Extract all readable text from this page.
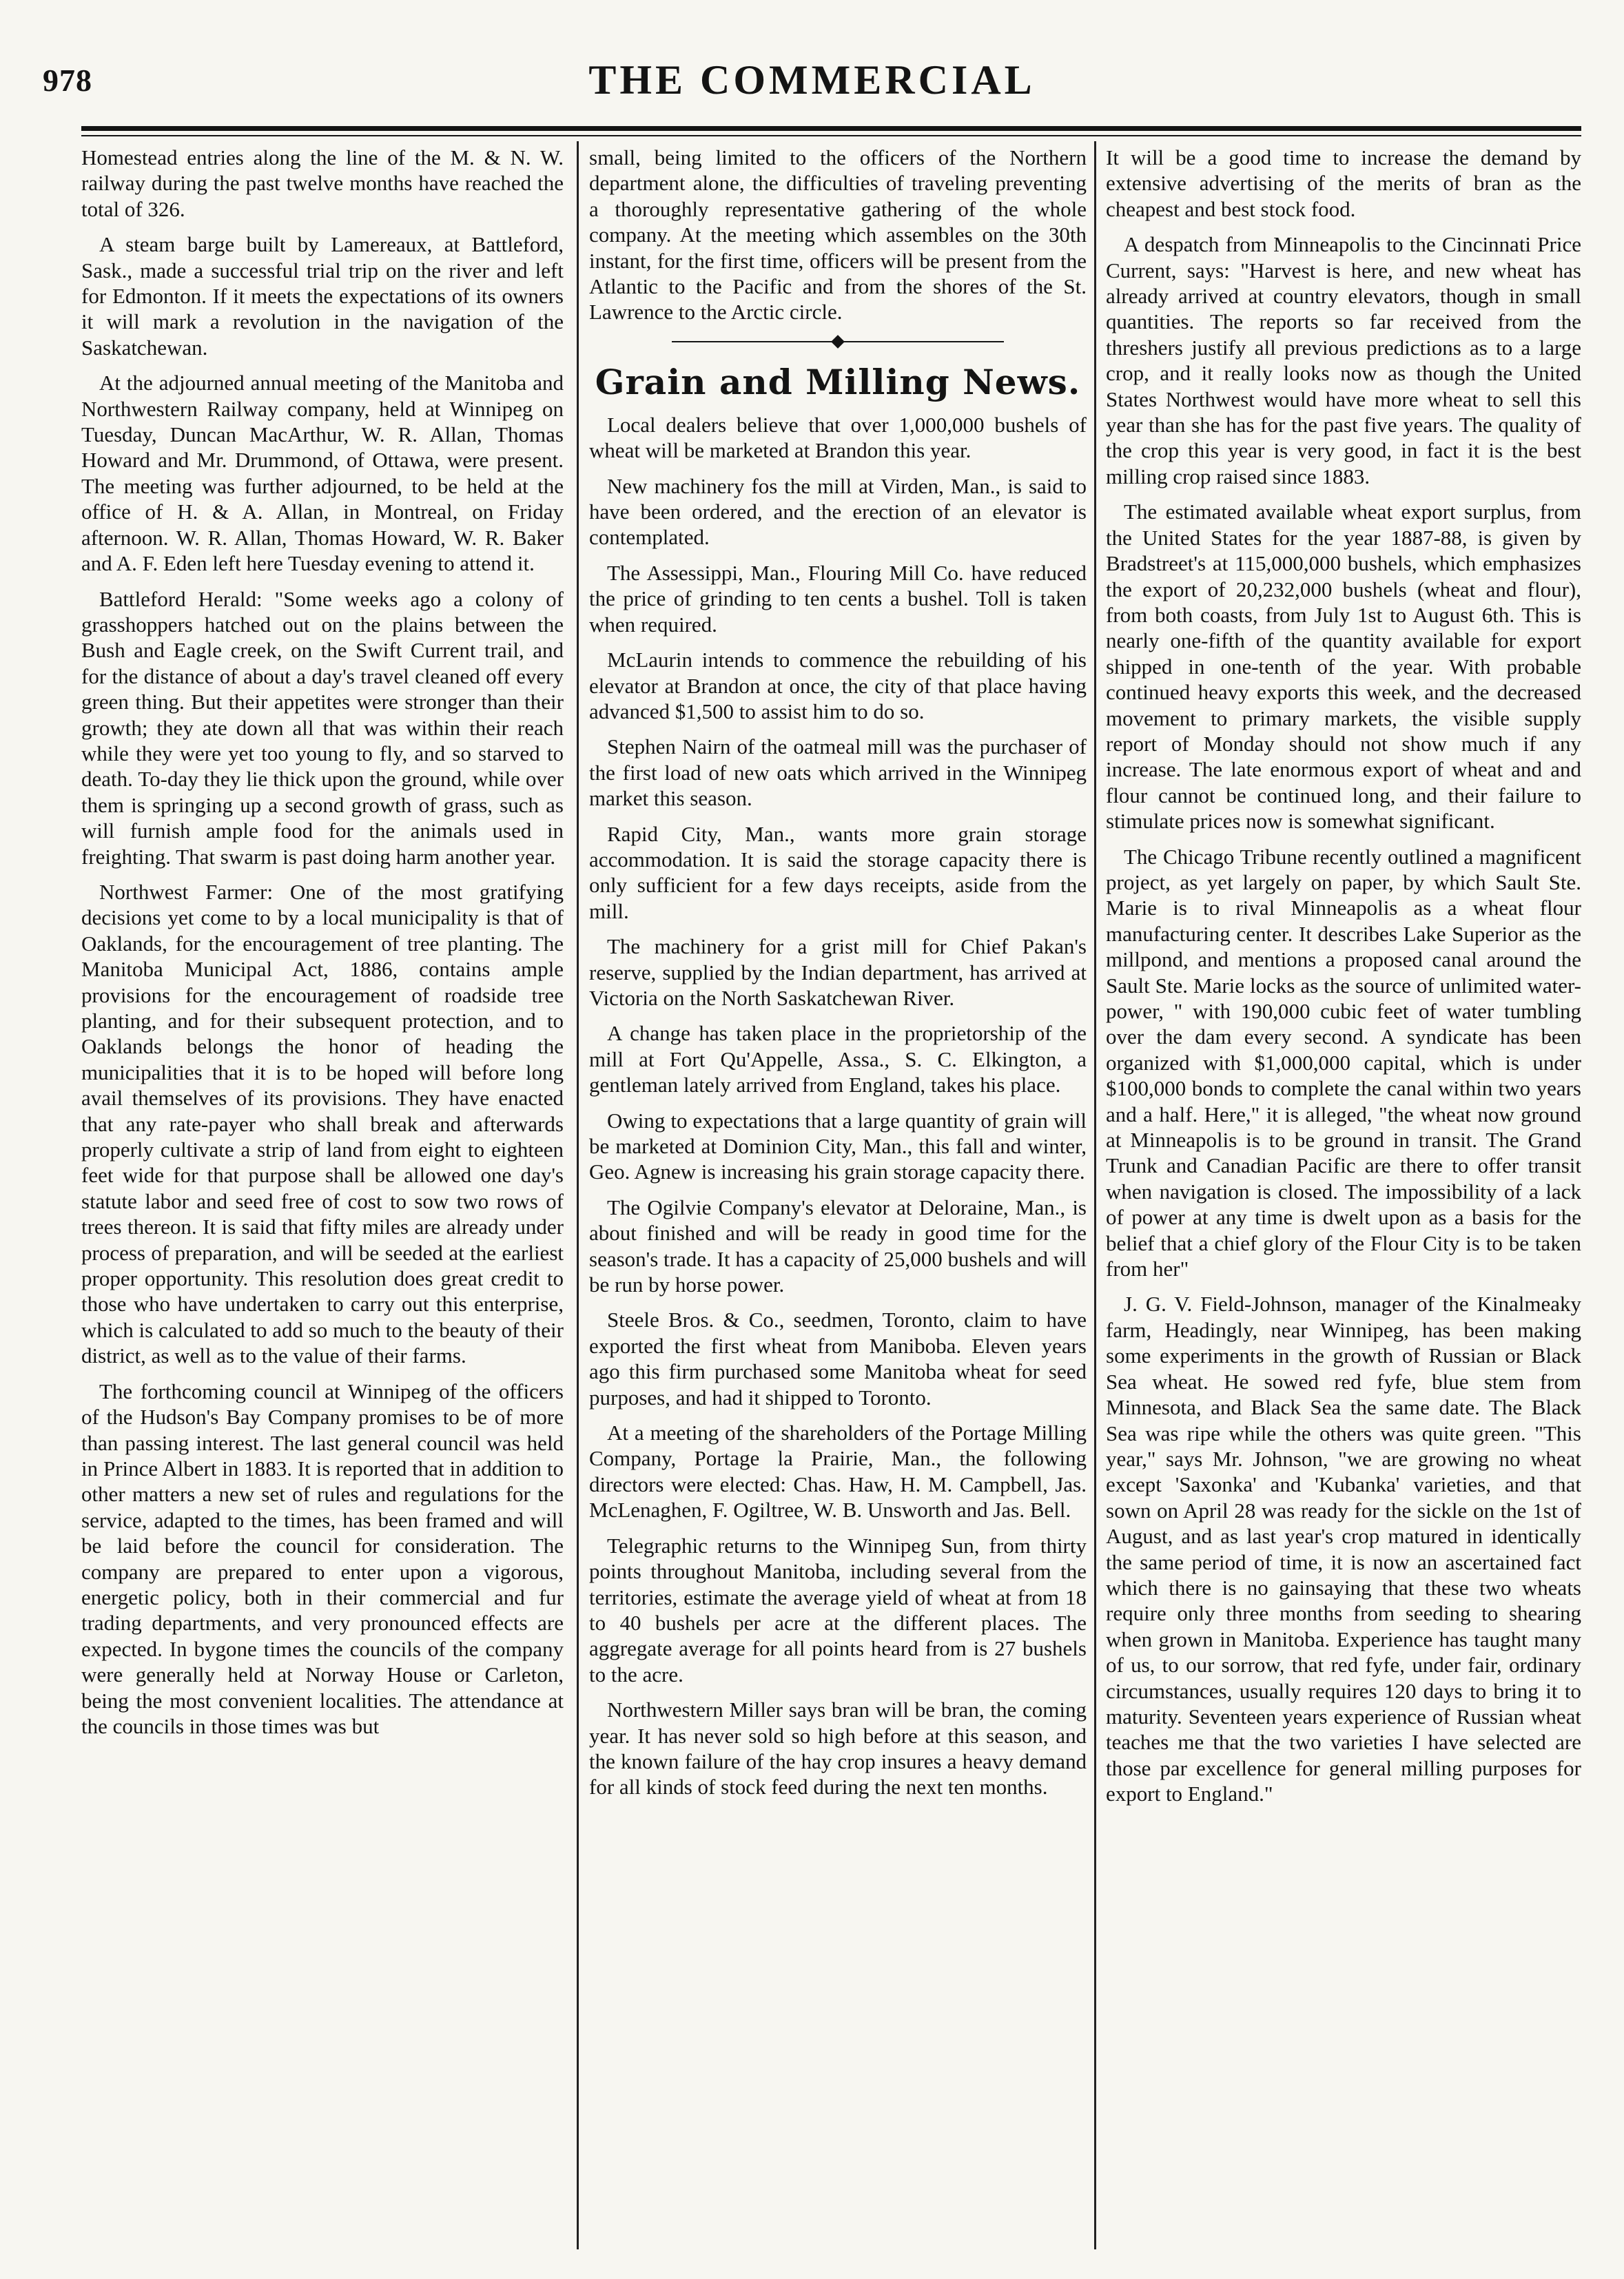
978	THE COMMERCIAL

Homestead entries along the line of the M. & N. W. railway during the past twelve months have reached the total of 326.

A steam barge built by Lamereaux, at Battleford, Sask., made a successful trial trip on the river and left for Edmonton. If it meets the expectations of its owners it will mark a revolution in the navigation of the Saskatchewan.

At the adjourned annual meeting of the Manitoba and Northwestern Railway company, held at Winnipeg on Tuesday, Duncan MacArthur, W. R. Allan, Thomas Howard and Mr. Drummond, of Ottawa, were present. The meeting was further adjourned, to be held at the office of H. & A. Allan, in Montreal, on Friday afternoon. W. R. Allan, Thomas Howard, W. R. Baker and A. F. Eden left here Tuesday evening to attend it.

Battleford Herald: "Some weeks ago a colony of grasshoppers hatched out on the plains between the Bush and Eagle creek, on the Swift Current trail, and for the distance of about a day's travel cleaned off every green thing. But their appetites were stronger than their growth; they ate down all that was within their reach while they were yet too young to fly, and so starved to death. To-day they lie thick upon the ground, while over them is springing up a second growth of grass, such as will furnish ample food for the animals used in freighting. That swarm is past doing harm another year.

Northwest Farmer: One of the most gratifying decisions yet come to by a local municipality is that of Oaklands, for the encouragement of tree planting. The Manitoba Municipal Act, 1886, contains ample provisions for the encouragement of roadside tree planting, and for their subsequent protection, and to Oaklands belongs the honor of heading the municipalities that it is to be hoped will before long avail themselves of its provisions. They have enacted that any rate-payer who shall break and afterwards properly cultivate a strip of land from eight to eighteen feet wide for that purpose shall be allowed one day's statute labor and seed free of cost to sow two rows of trees thereon. It is said that fifty miles are already under process of preparation, and will be seeded at the earliest proper opportunity. This resolution does great credit to those who have undertaken to carry out this enterprise, which is calculated to add so much to the beauty of their district, as well as to the value of their farms.

The forthcoming council at Winnipeg of the officers of the Hudson's Bay Company promises to be of more than passing interest. The last general council was held in Prince Albert in 1883. It is reported that in addition to other matters a new set of rules and regulations for the service, adapted to the times, has been framed and will be laid before the council for consideration. The company are prepared to enter upon a vigorous, energetic policy, both in their commercial and fur trading departments, and very pronounced effects are expected. In bygone times the councils of the company were generally held at Norway House or Carleton, being the most convenient localities. The attendance at the councils in those times was but

small, being limited to the officers of the Northern department alone, the difficulties of traveling preventing a thoroughly representative gathering of the whole company. At the meeting which assembles on the 30th instant, for the first time, officers will be present from the Atlantic to the Pacific and from the shores of the St. Lawrence to the Arctic circle.

Grain and Milling News.

Local dealers believe that over 1,000,000 bushels of wheat will be marketed at Brandon this year.

New machinery fos the mill at Virden, Man., is said to have been ordered, and the erection of an elevator is contemplated.

The Assessippi, Man., Flouring Mill Co. have reduced the price of grinding to ten cents a bushel. Toll is taken when required.

McLaurin intends to commence the rebuilding of his elevator at Brandon at once, the city of that place having advanced $1,500 to assist him to do so.

Stephen Nairn of the oatmeal mill was the purchaser of the first load of new oats which arrived in the Winnipeg market this season.

Rapid City, Man., wants more grain storage accommodation. It is said the storage capacity there is only sufficient for a few days receipts, aside from the mill.

The machinery for a grist mill for Chief Pakan's reserve, supplied by the Indian department, has arrived at Victoria on the North Saskatchewan River.

A change has taken place in the proprietorship of the mill at Fort Qu'Appelle, Assa., S. C. Elkington, a gentleman lately arrived from England, takes his place.

Owing to expectations that a large quantity of grain will be marketed at Dominion City, Man., this fall and winter, Geo. Agnew is increasing his grain storage capacity there.

The Ogilvie Company's elevator at Deloraine, Man., is about finished and will be ready in good time for the season's trade. It has a capacity of 25,000 bushels and will be run by horse power.

Steele Bros. & Co., seedmen, Toronto, claim to have exported the first wheat from Maniboba. Eleven years ago this firm purchased some Manitoba wheat for seed purposes, and had it shipped to Toronto.

At a meeting of the shareholders of the Portage Milling Company, Portage la Prairie, Man., the following directors were elected: Chas. Haw, H. M. Campbell, Jas. McLenaghen, F. Ogiltree, W. B. Unsworth and Jas. Bell.

Telegraphic returns to the Winnipeg Sun, from thirty points throughout Manitoba, including several from the territories, estimate the average yield of wheat at from 18 to 40 bushels per acre at the different places. The aggregate average for all points heard from is 27 bushels to the acre.

Northwestern Miller says bran will be bran, the coming year. It has never sold so high before at this season, and the known failure of the hay crop insures a heavy demand for all kinds of stock feed during the next ten months.

It will be a good time to increase the demand by extensive advertising of the merits of bran as the cheapest and best stock food.

A despatch from Minneapolis to the Cincinnati Price Current, says: "Harvest is here, and new wheat has already arrived at country elevators, though in small quantities. The reports so far received from the threshers justify all previous predictions as to a large crop, and it really looks now as though the United States Northwest would have more wheat to sell this year than she has for the past five years. The quality of the crop this year is very good, in fact it is the best milling crop raised since 1883.

The estimated available wheat export surplus, from the United States for the year 1887-88, is given by Bradstreet's at 115,000,000 bushels, which emphasizes the export of 20,232,000 bushels (wheat and flour), from both coasts, from July 1st to August 6th. This is nearly one-fifth of the quantity available for export shipped in one-tenth of the year. With probable continued heavy exports this week, and the decreased movement to primary markets, the visible supply report of Monday should not show much if any increase. The late enormous export of wheat and and flour cannot be continued long, and their failure to stimulate prices now is somewhat significant.

The Chicago Tribune recently outlined a magnificent project, as yet largely on paper, by which Sault Ste. Marie is to rival Minneapolis as a wheat flour manufacturing center. It describes Lake Superior as the millpond, and mentions a proposed canal around the Sault Ste. Marie locks as the source of unlimited water-power, " with 190,000 cubic feet of water tumbling over the dam every second. A syndicate has been organized with $1,000,000 capital, which is under $100,000 bonds to complete the canal within two years and a half. Here," it is alleged, "the wheat now ground at Minneapolis is to be ground in transit. The Grand Trunk and Canadian Pacific are there to offer transit when navigation is closed. The impossibility of a lack of power at any time is dwelt upon as a basis for the belief that a chief glory of the Flour City is to be taken from her"

J. G. V. Field-Johnson, manager of the Kinalmeaky farm, Headingly, near Winnipeg, has been making some experiments in the growth of Russian or Black Sea wheat. He sowed red fyfe, blue stem from Minnesota, and Black Sea the same date. The Black Sea was ripe while the others was quite green. "This year," says Mr. Johnson, "we are growing no wheat except 'Saxonka' and 'Kubanka' varieties, and that sown on April 28 was ready for the sickle on the 1st of August, and as last year's crop matured in identically the same period of time, it is now an ascertained fact which there is no gainsaying that these two wheats require only three months from seeding to shearing when grown in Manitoba. Experience has taught many of us, to our sorrow, that red fyfe, under fair, ordinary circumstances, usually requires 120 days to bring it to maturity. Seventeen years experience of Russian wheat teaches me that the two varieties I have selected are those par excellence for general milling purposes for export to England."
